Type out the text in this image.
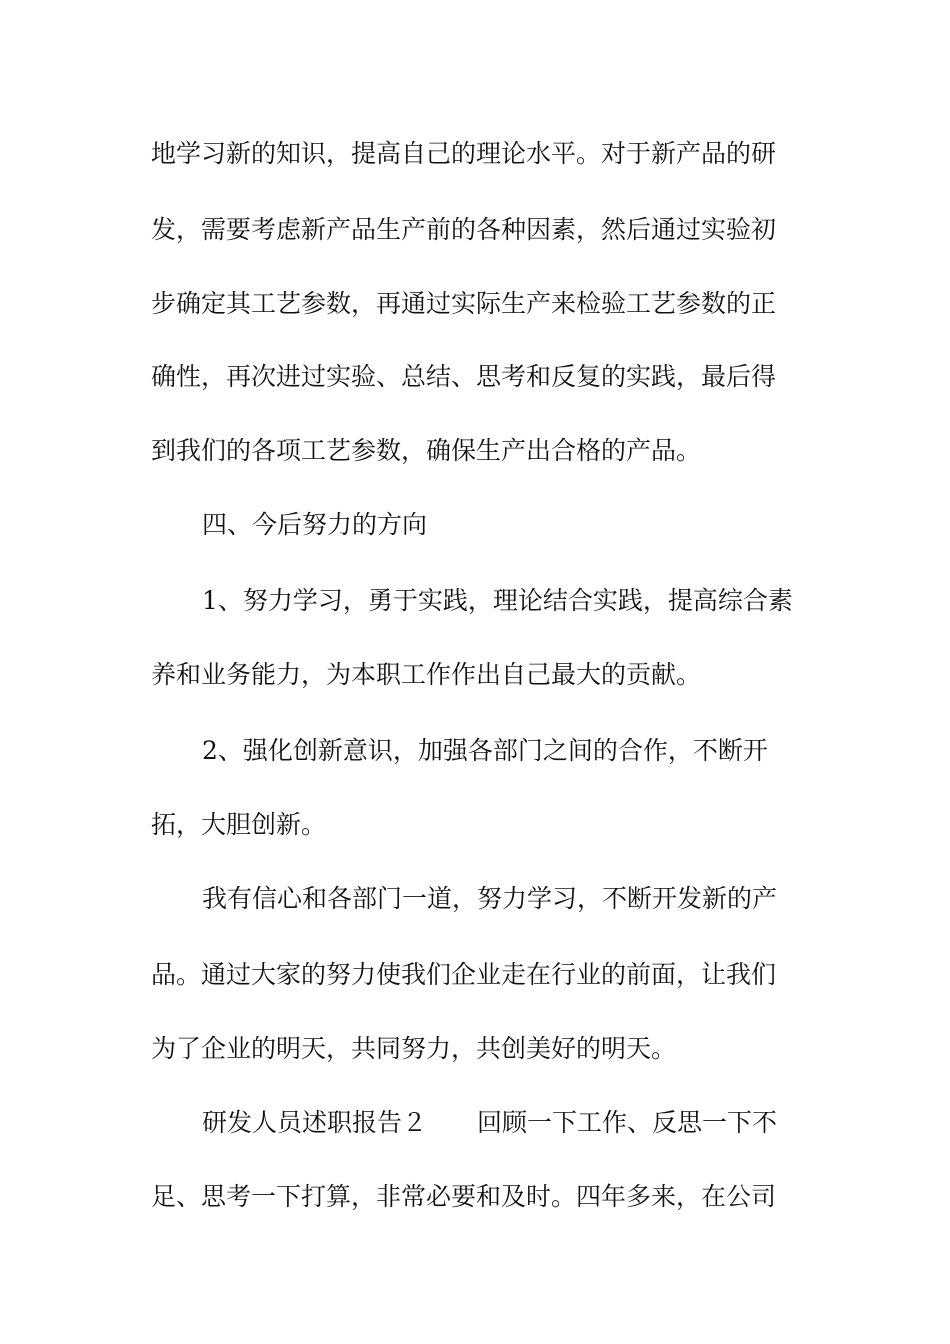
地学习新的知识，提高自己的理论水平。对于新产品的研
发，需要考虑新产品生产前的各种因素，然后通过实验初
步确定其工艺参数，再通过实际生产来检验工艺参数的正
确性，再次进过实验、总结、思考和反复的实践，最后得
到我们的各项工艺参数，确保生产出合格的产品。
四、今后努力的方向
1、努力学习，勇于实践，理论结合实践，提高综合素
养和业务能力，为本职工作作出自己最大的贡献。
2、强化创新意识，加强各部门之间的合作，不断开
拓，大胆创新。
我有信心和各部门一道，努力学习，不断开发新的产
品。通过大家的努力使我们企业走在行业的前面，让我们
为了企业的明天，共同努力，共创美好的明天。
研发人员述职报告２ 回顾一下工作、反思一下不
足、思考一下打算，非常必要和及时。四年多来，在公司
